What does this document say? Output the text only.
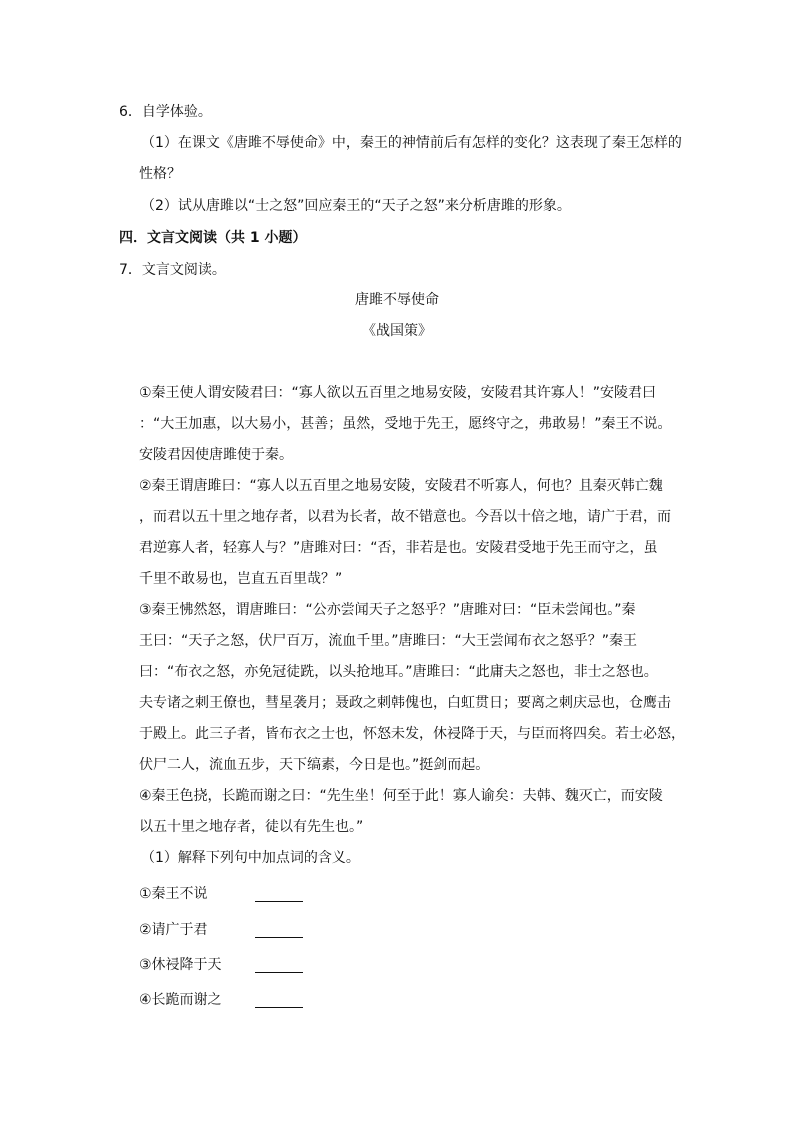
6．自学体验。
（1）在课文《唐雎不辱使命》中，秦王的神情前后有怎样的变化？这表现了秦王怎样的
性格？
（2）试从唐雎以“士之怒”回应秦王的“天子之怒”来分析唐雎的形象。
四．文言文阅读（共 1 小题）
7．文言文阅读。
唐雎不辱使命
《战国策》
①秦王使人谓安陵君曰：“寡人欲以五百里之地易安陵，安陵君其许寡人！”安陵君曰
：“大王加惠，以大易小，甚善；虽然，受地于先王，愿终守之，弗敢易！”秦王不说。
安陵君因使唐雎使于秦。
②秦王谓唐雎曰：“寡人以五百里之地易安陵，安陵君不听寡人，何也？且秦灭韩亡魏
，而君以五十里之地存者，以君为长者，故不错意也。今吾以十倍之地，请广于君，而
君逆寡人者，轻寡人与？”唐雎对曰：“否，非若是也。安陵君受地于先王而守之，虽
千里不敢易也，岂直五百里哉？”
③秦王怫然怒，谓唐雎曰：“公亦尝闻天子之怒乎？”唐雎对曰：“臣未尝闻也。”秦
王曰：“天子之怒，伏尸百万，流血千里。”唐雎曰：“大王尝闻布衣之怒乎？”秦王
曰：“布衣之怒，亦免冠徒跣，以头抢地耳。”唐雎曰：“此庸夫之怒也，非士之怒也。
夫专诸之刺王僚也，彗星袭月；聂政之刺韩傀也，白虹贯日；要离之刺庆忌也，仓鹰击
于殿上。此三子者，皆布衣之士也，怀怒未发，休祲降于天，与臣而将四矣。若士必怒，
伏尸二人，流血五步，天下缟素，今日是也。”挺剑而起。
④秦王色挠，长跪而谢之曰：“先生坐！何至于此！寡人谕矣：夫韩、魏灭亡，而安陵
以五十里之地存者，徒以有先生也。”
（1）解释下列句中加点词的含义。
①秦王不说
②请广于君
③休祲降于天
④长跪而谢之
